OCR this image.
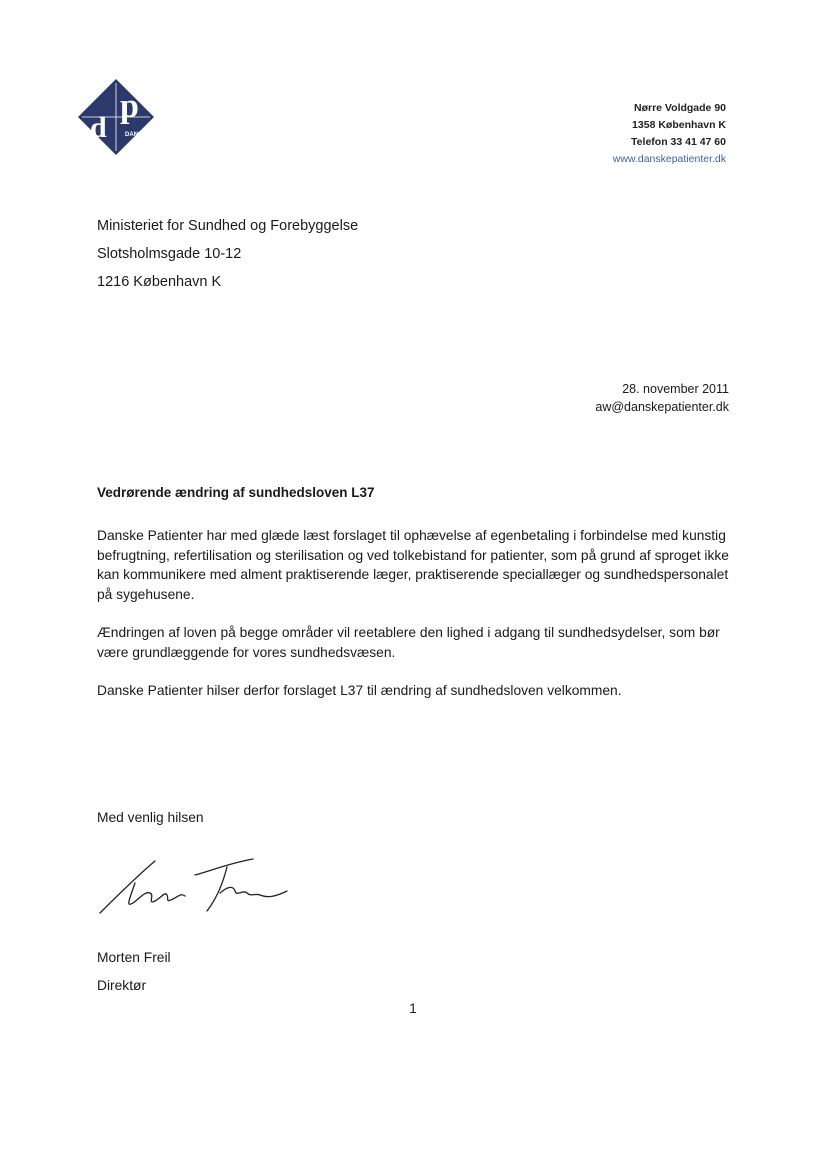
p
d	DANSKE PATIENTER
Nørre Voldgade 90
1358 København K
Telefon 33 41 47 60
www.danskepatienter.dk
Ministeriet for Sundhed og Forebyggelse
Slotsholmsgade 10-12
1216 København K
28. november 2011
aw@danskepatienter.dk
Vedrørende ændring af sundhedsloven L37

Danske Patienter har med glæde læst forslaget til ophævelse af egenbetaling i forbindelse med kunstig befrugtning, refertilisation og sterilisation og ved tolkebistand for patienter, som på grund af sproget ikke kan kommunikere med alment praktiserende læger, praktiserende speciallæger og sundhedspersonalet på sygehusene.

Ændringen af loven på begge områder vil reetablere den lighed i adgang til sundhedsydelser, som bør være grundlæggende for vores sundhedsvæsen.

Danske Patienter hilser derfor forslaget L37 til ændring af sundhedsloven velkommen.

Med venlig hilsen
Morten Freil
Direktør
1
